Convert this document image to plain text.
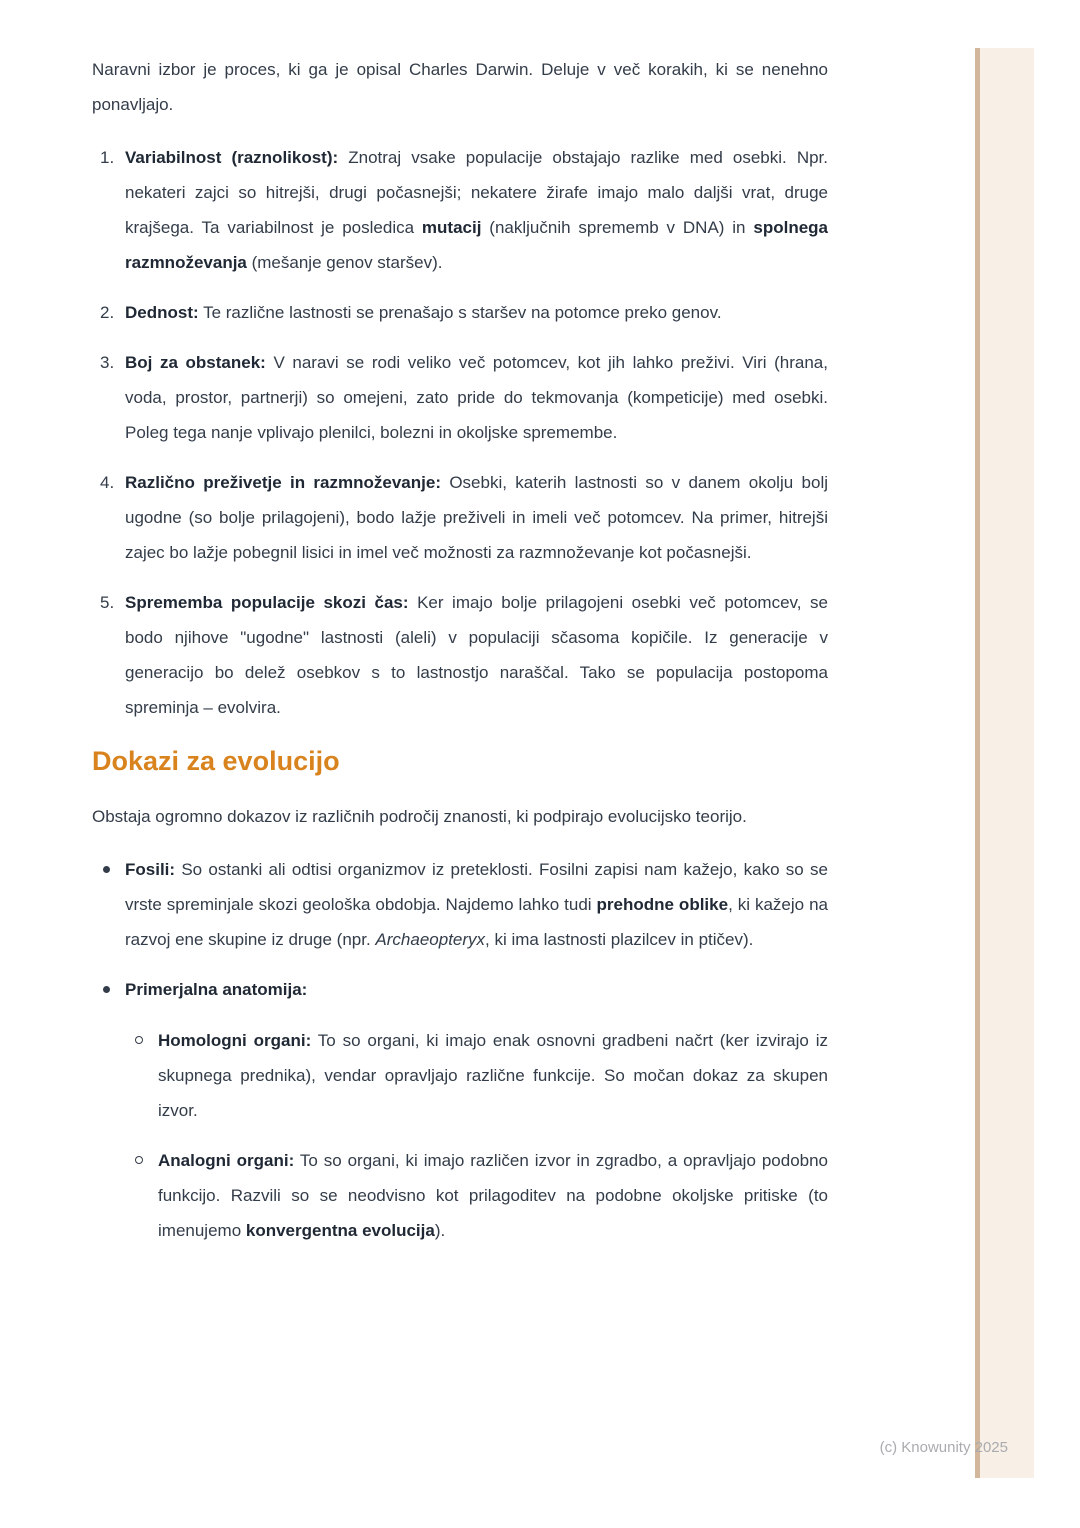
Naravni izbor je proces, ki ga je opisal Charles Darwin. Deluje v več korakih, ki se nenehno ponavljajo.

1. Variabilnost (raznolikost): Znotraj vsake populacije obstajajo razlike med osebki. Npr. nekateri zajci so hitrejši, drugi počasnejši; nekatere žirafe imajo malo daljši vrat, druge krajšega. Ta variabilnost je posledica mutacij (naključnih sprememb v DNA) in spolnega razmnoževanja (mešanje genov staršev).
2. Dednost: Te različne lastnosti se prenašajo s staršev na potomce preko genov.
3. Boj za obstanek: V naravi se rodi veliko več potomcev, kot jih lahko preživi. Viri (hrana, voda, prostor, partnerji) so omejeni, zato pride do tekmovanja (kompeticije) med osebki. Poleg tega nanje vplivajo plenilci, bolezni in okoljske spremembe.
4. Različno preživetje in razmnoževanje: Osebki, katerih lastnosti so v danem okolju bolj ugodne (so bolje prilagojeni), bodo lažje preživeli in imeli več potomcev. Na primer, hitrejši zajec bo lažje pobegnil lisici in imel več možnosti za razmnoževanje kot počasnejši.
5. Sprememba populacije skozi čas: Ker imajo bolje prilagojeni osebki več potomcev, se bodo njihove "ugodne" lastnosti (aleli) v populaciji sčasoma kopičile. Iz generacije v generacijo bo delež osebkov s to lastnostjo naraščal. Tako se populacija postopoma spreminja – evolvira.
Dokazi za evolucijo

Obstaja ogromno dokazov iz različnih področij znanosti, ki podpirajo evolucijsko teorijo.

Fosili: So ostanki ali odtisi organizmov iz preteklosti. Fosilni zapisi nam kažejo, kako so se vrste spreminjale skozi geološka obdobja. Najdemo lahko tudi prehodne oblike, ki kažejo na razvoj ene skupine iz druge (npr. Archaeopteryx, ki ima lastnosti plazilcev in ptičev).
Primerjalna anatomija:
Homologni organi: To so organi, ki imajo enak osnovni gradbeni načrt (ker izvirajo iz skupnega prednika), vendar opravljajo različne funkcije. So močan dokaz za skupen izvor.
Analogni organi: To so organi, ki imajo različen izvor in zgradbo, a opravljajo podobno funkcijo. Razvili so se neodvisno kot prilagoditev na podobne okoljske pritiske (to imenujemo konvergentna evolucija).
(c) Knowunity 2025
